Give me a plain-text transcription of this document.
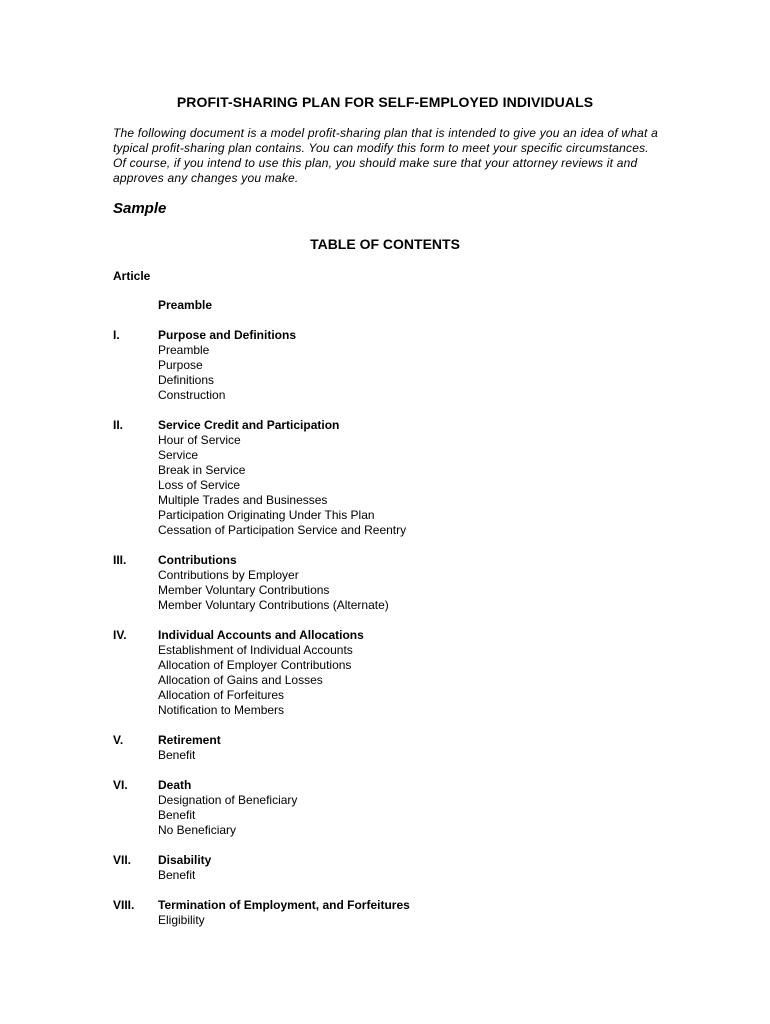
PROFIT-SHARING PLAN FOR SELF-EMPLOYED INDIVIDUALS

The following document is a model profit-sharing plan that is intended to give you an idea of what a typical profit-sharing plan contains. You can modify this form to meet your specific circumstances. Of course, if you intend to use this plan, you should make sure that your attorney reviews it and approves any changes you make.

Sample
TABLE OF CONTENTS
Article
Preamble
I.	Purpose and Definitions
Preamble
Purpose
Definitions
Construction
II.	Service Credit and Participation
Hour of Service
Service
Break in Service
Loss of Service
Multiple Trades and Businesses
Participation Originating Under This Plan
Cessation of Participation Service and Reentry
III.	Contributions
Contributions by Employer
Member Voluntary Contributions
Member Voluntary Contributions (Alternate)
IV.	Individual Accounts and Allocations
Establishment of Individual Accounts
Allocation of Employer Contributions
Allocation of Gains and Losses
Allocation of Forfeitures
Notification to Members
V.	Retirement
Benefit
VI.	Death
Designation of Beneficiary
Benefit
No Beneficiary
VII.	Disability
Benefit
VIII.	Termination of Employment, and Forfeitures
Eligibility
